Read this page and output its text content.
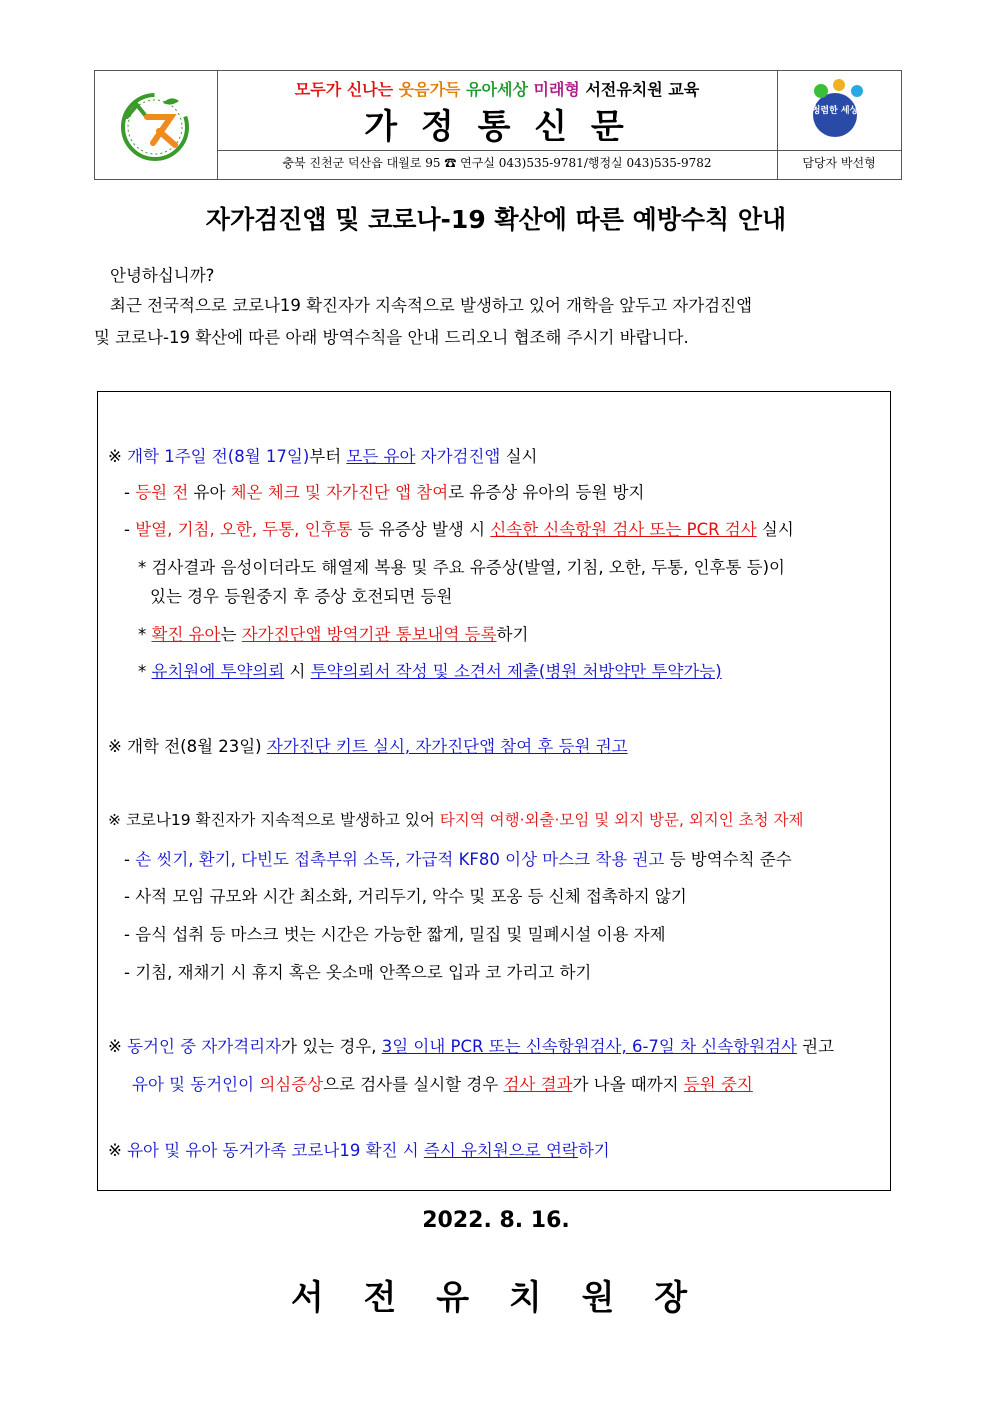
모두가 신나는 웃음가득 유아세상 미래형 서전유치원 교육
가 정 통 신 문
충북 진천군 덕산읍 대월로 95 ☎ 연구실 043)535-9781/행정실 043)535-9782	담당자 박선형
청렴한 세상
자가검진앱 및 코로나-19 확산에 따른 예방수칙 안내
안녕하십니까?
최근 전국적으로 코로나19 확진자가 지속적으로 발생하고 있어 개학을 앞두고 자가검진앱
및 코로나-19 확산에 따른 아래 방역수칙을 안내 드리오니 협조해 주시기 바랍니다.
※ 개학 1주일 전(8월 17일)부터 모든 유아 자가검진앱 실시
- 등원 전 유아 체온 체크 및 자가진단 앱 참여로 유증상 유아의 등원 방지
- 발열, 기침, 오한, 두통, 인후통 등 유증상 발생 시 신속한 신속항원 검사 또는 PCR 검사 실시
* 검사결과 음성이더라도 해열제 복용 및 주요 유증상(발열, 기침, 오한, 두통, 인후통 등)이
있는 경우 등원중지 후 증상 호전되면 등원
* 확진 유아는 자가진단앱 방역기관 통보내역 등록하기
* 유치원에 투약의뢰 시 투약의뢰서 작성 및 소견서 제출(병원 처방약만 투약가능)
※ 개학 전(8월 23일) 자가진단 키트 실시, 자가진단앱 참여 후 등원 권고
※ 코로나19 확진자가 지속적으로 발생하고 있어 타지역 여행·외출·모임 및 외지 방문, 외지인 초청 자제
- 손 씻기, 환기, 다빈도 접촉부위 소독, 가급적 KF80 이상 마스크 착용 권고 등 방역수칙 준수
- 사적 모임 규모와 시간 최소화, 거리두기, 악수 및 포옹 등 신체 접촉하지 않기
- 음식 섭취 등 마스크 벗는 시간은 가능한 짧게, 밀집 및 밀폐시설 이용 자제
- 기침, 재채기 시 휴지 혹은 옷소매 안쪽으로 입과 코 가리고 하기
※ 동거인 중 자가격리자가 있는 경우, 3일 이내 PCR 또는 신속항원검사, 6-7일 차 신속항원검사 권고
유아 및 동거인이 의심증상으로 검사를 실시할 경우 검사 결과가 나올 때까지 등원 중지
※ 유아 및 유아 동거가족 코로나19 확진 시 즉시 유치원으로 연락하기
2022. 8. 16.
서 전 유 치 원 장
